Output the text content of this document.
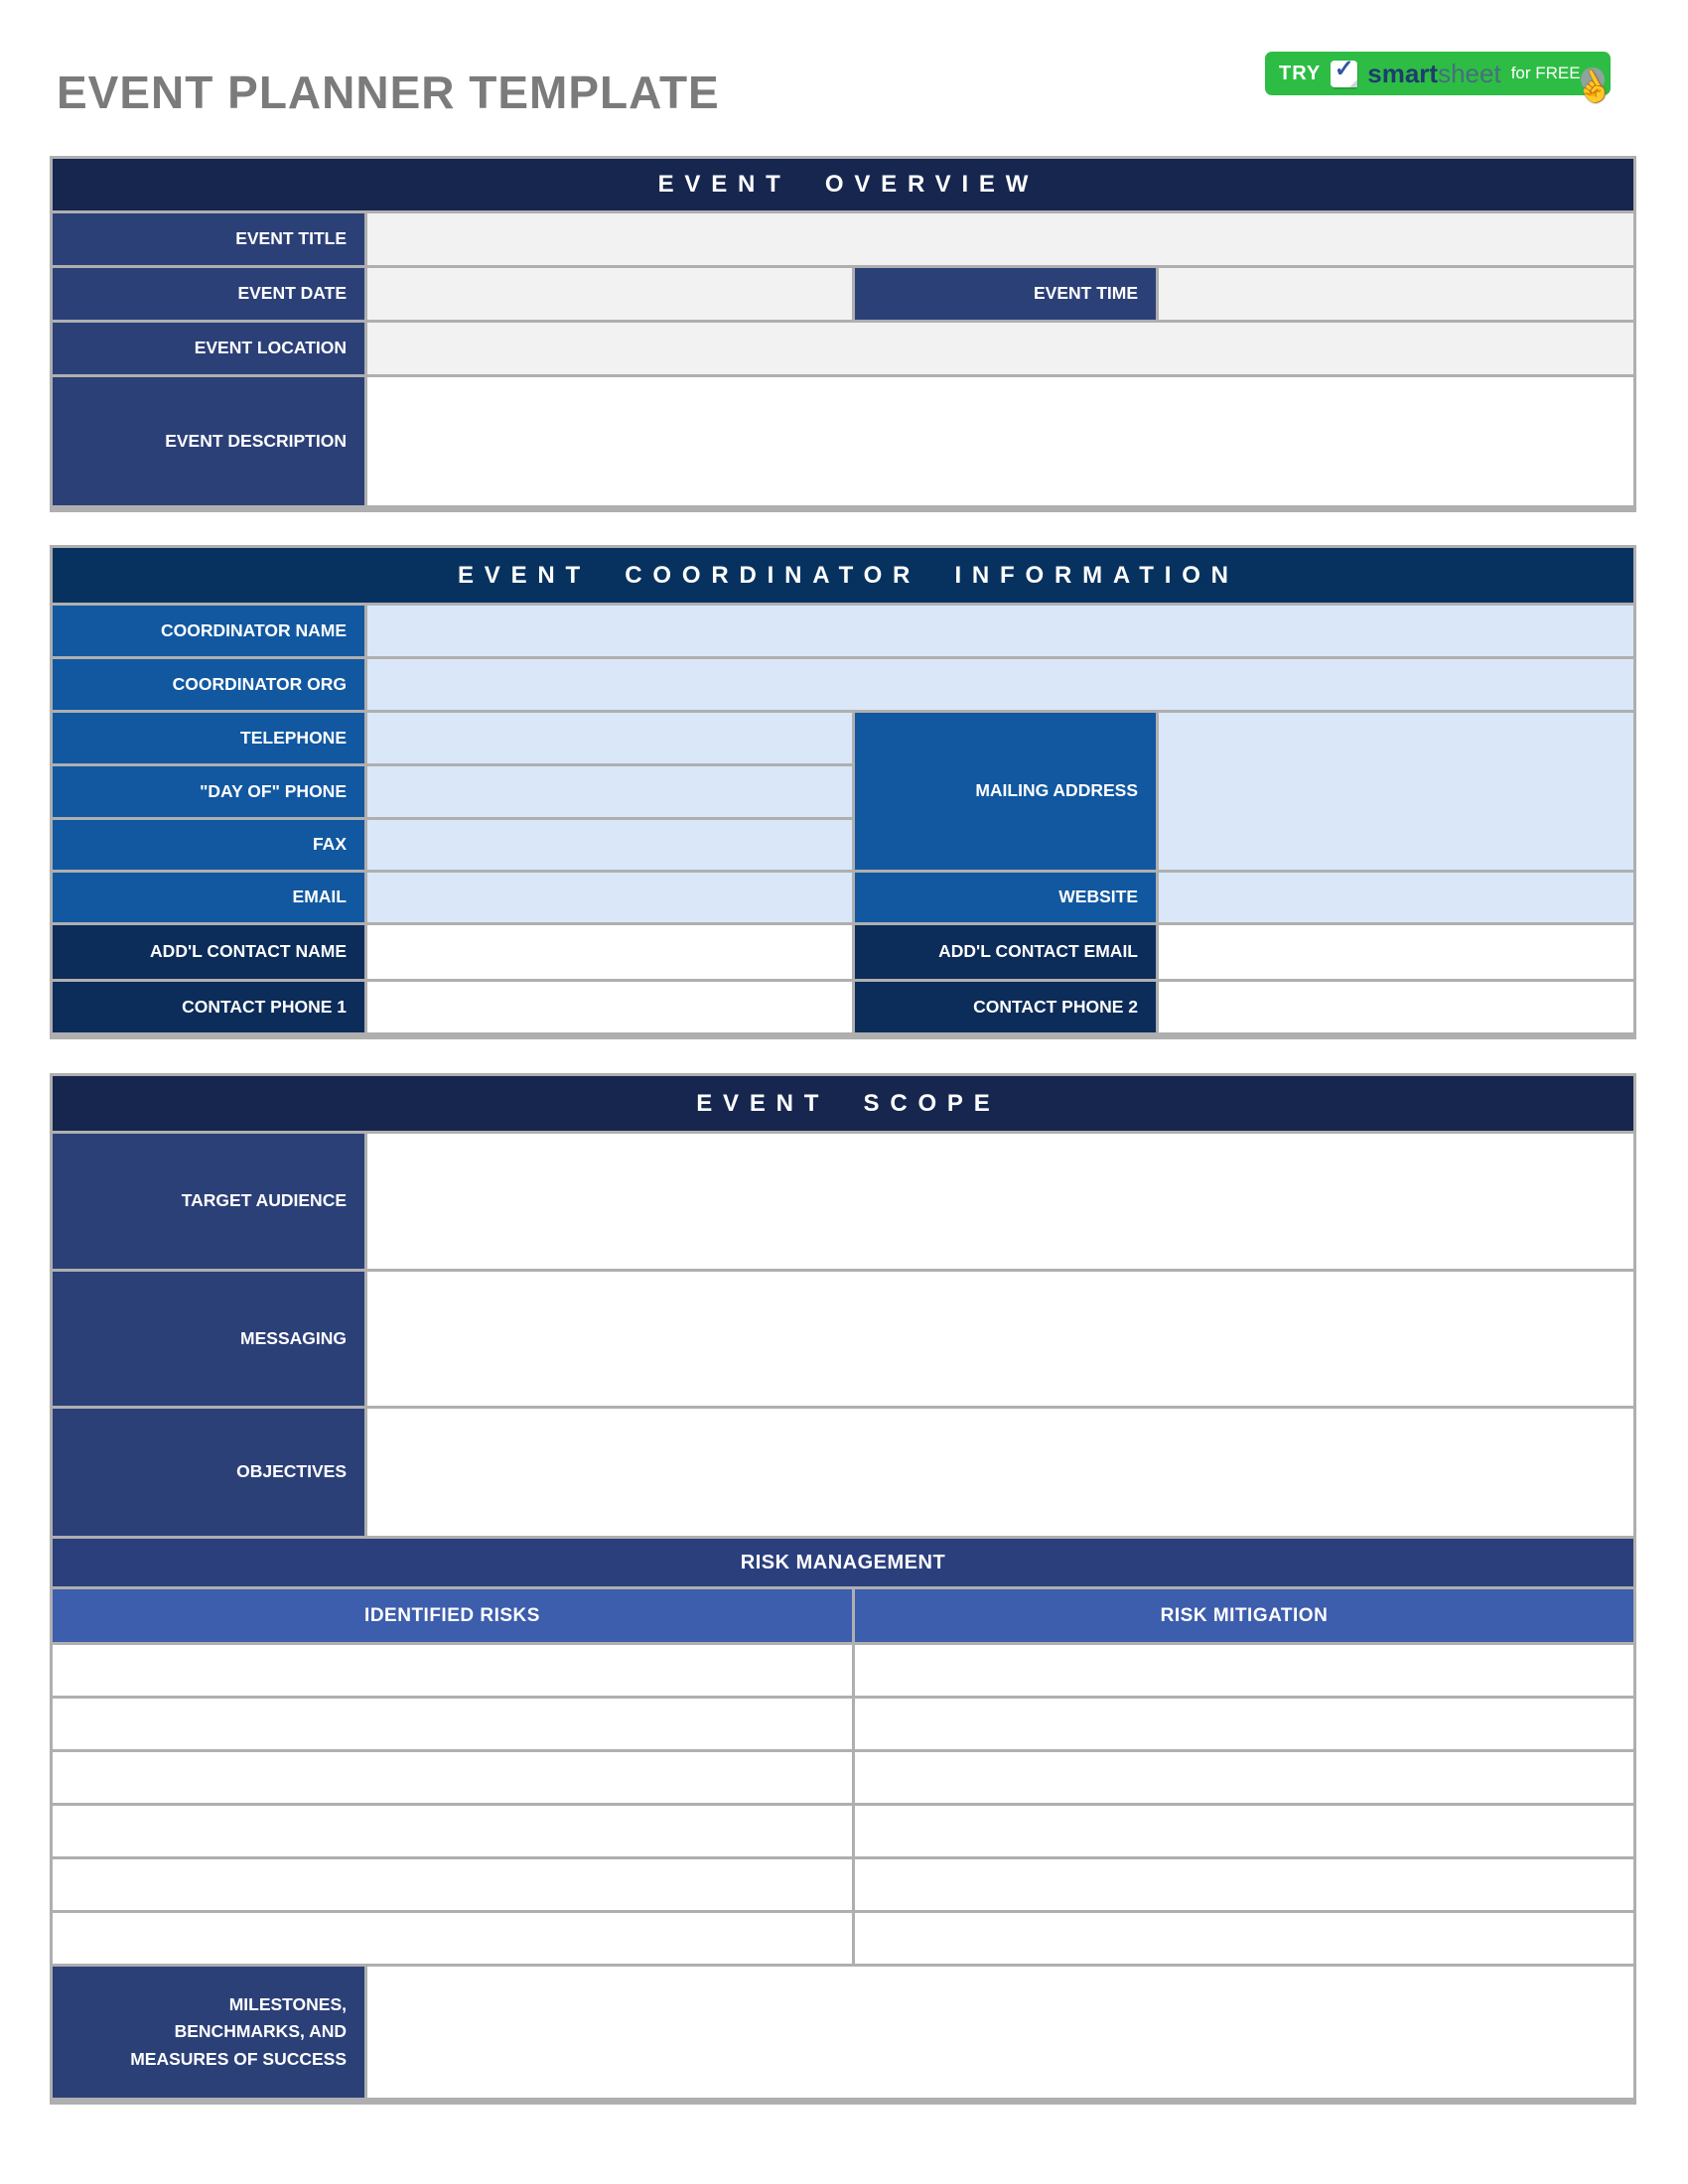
EVENT PLANNER TEMPLATE	TRY ✓ smartsheet for FREE
☝
EVENT OVERVIEW
EVENT TITLE
EVENT DATE	EVENT TIME
EVENT LOCATION
EVENT DESCRIPTION
EVENT COORDINATOR INFORMATION
COORDINATOR NAME
COORDINATOR ORG
TELEPHONE
MAILING ADDRESS
"DAY OF" PHONE
FAX
EMAIL	WEBSITE
ADD'L CONTACT NAME	ADD'L CONTACT EMAIL
CONTACT PHONE 1	CONTACT PHONE 2
EVENT SCOPE
TARGET AUDIENCE
MESSAGING
OBJECTIVES
RISK MANAGEMENT
IDENTIFIED RISKS	RISK MITIGATION
MILESTONES,
BENCHMARKS, AND
MEASURES OF SUCCESS
